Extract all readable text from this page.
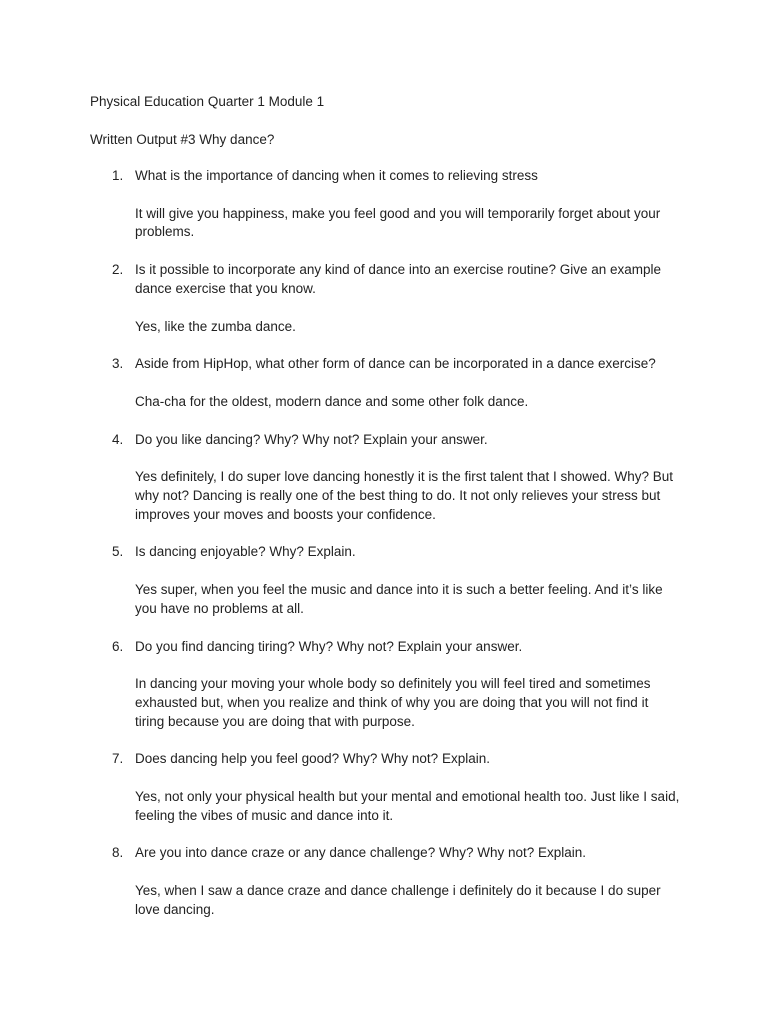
Physical Education Quarter 1 Module 1
Written Output #3 Why dance?
1. What is the importance of dancing when it comes to relieving stress
It will give you happiness, make you feel good and you will temporarily forget about your problems.
2. Is it possible to incorporate any kind of dance into an exercise routine? Give an example dance exercise that you know.
Yes, like the zumba dance.
3. Aside from HipHop, what other form of dance can be incorporated in a dance exercise?
Cha-cha for the oldest, modern dance and some other folk dance.
4. Do you like dancing? Why? Why not? Explain your answer.
Yes definitely, I do super love dancing honestly it is the first talent that I showed. Why? But why not? Dancing is really one of the best thing to do. It not only relieves your stress but improves your moves and boosts your confidence.
5. Is dancing enjoyable? Why? Explain.
Yes super, when you feel the music and dance into it is such a better feeling. And it’s like you have no problems at all.
6. Do you find dancing tiring? Why? Why not? Explain your answer.
In dancing your moving your whole body so definitely you will feel tired and sometimes exhausted but, when you realize and think of why you are doing that you will not find it tiring because you are doing that with purpose.
7. Does dancing help you feel good? Why? Why not? Explain.
Yes, not only your physical health but your mental and emotional health too. Just like I said, feeling the vibes of music and dance into it.
8. Are you into dance craze or any dance challenge? Why? Why not? Explain.
Yes, when I saw a dance craze and dance challenge i definitely do it because I do super love dancing.
